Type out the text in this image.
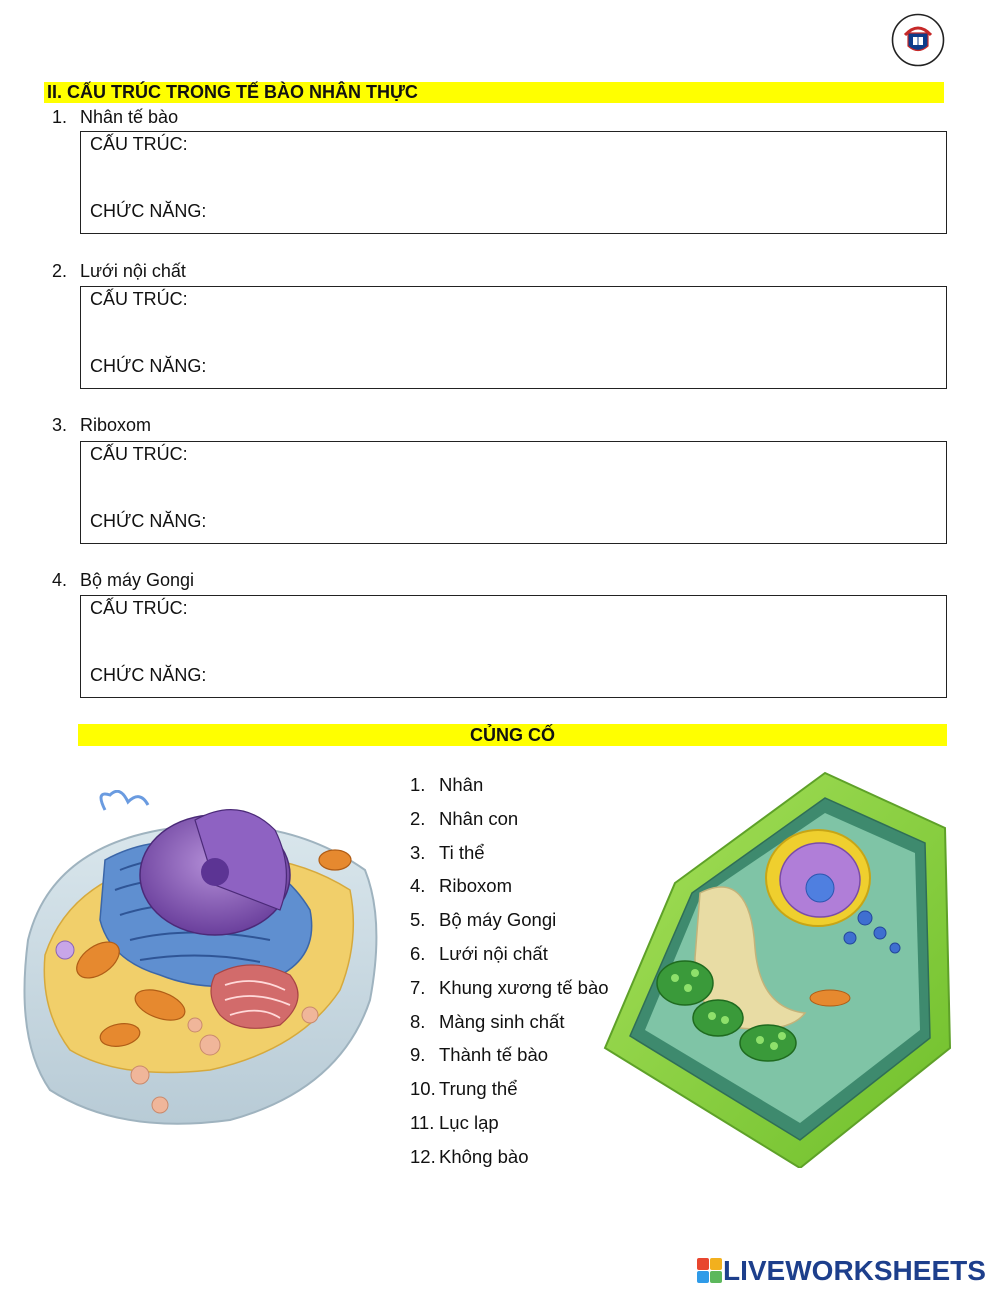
II. CẤU TRÚC TRONG TẾ BÀO NHÂN THỰC
1. Nhân tế bào
CẤU TRÚC:
CHỨC NĂNG:
2. Lưới nội chất
CẤU TRÚC:
CHỨC NĂNG:
3. Riboxom
CẤU TRÚC:
CHỨC NĂNG:
4. Bộ máy Gongi
CẤU TRÚC:
CHỨC NĂNG:
CỦNG CỐ
1. Nhân
2. Nhân con
3. Ti thể
4. Riboxom
5. Bộ máy Gongi
6. Lưới nội chất
7. Khung xương tế bào
8. Màng sinh chất
9. Thành tế bào
10. Trung thể
11. Lục lạp
12. Không bào
LIVEWORKSHEETS
